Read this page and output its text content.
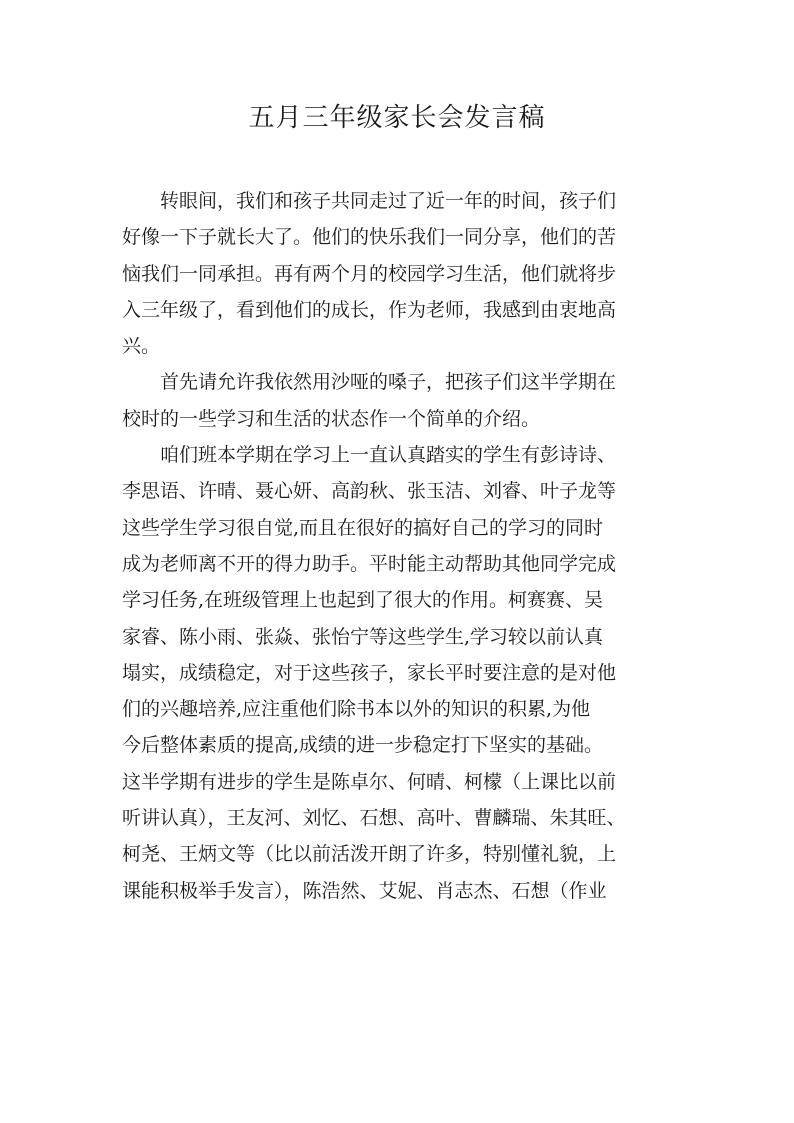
五月三年级家长会发言稿
　　转眼间，我们和孩子共同走过了近一年的时间，孩子们
好像一下子就长大了。他们的快乐我们一同分享，他们的苦
恼我们一同承担。再有两个月的校园学习生活，他们就将步
入三年级了，看到他们的成长，作为老师，我感到由衷地高
兴。
　　首先请允许我依然用沙哑的嗓子，把孩子们这半学期在
校时的一些学习和生活的状态作一个简单的介绍。
　　咱们班本学期在学习上一直认真踏实的学生有彭诗诗、
李思语、许晴、聂心妍、高韵秋、张玉洁、刘睿、叶子龙等
这些学生学习很自觉,而且在很好的搞好自己的学习的同时
成为老师离不开的得力助手。平时能主动帮助其他同学完成
学习任务,在班级管理上也起到了很大的作用。柯赛赛、吴
家睿、陈小雨、张焱、张怡宁等这些学生,学习较以前认真
塌实，成绩稳定，对于这些孩子，家长平时要注意的是对他
们的兴趣培养,应注重他们除书本以外的知识的积累,为他
今后整体素质的提高,成绩的进一步稳定打下坚实的基础。
这半学期有进步的学生是陈卓尔、何晴、柯檬（上课比以前
听讲认真），王友河、刘忆、石想、高叶、曹麟瑞、朱其旺、
柯尧、王炳文等（比以前活泼开朗了许多，特别懂礼貌，上
课能积极举手发言），陈浩然、艾妮、肖志杰、石想（作业
